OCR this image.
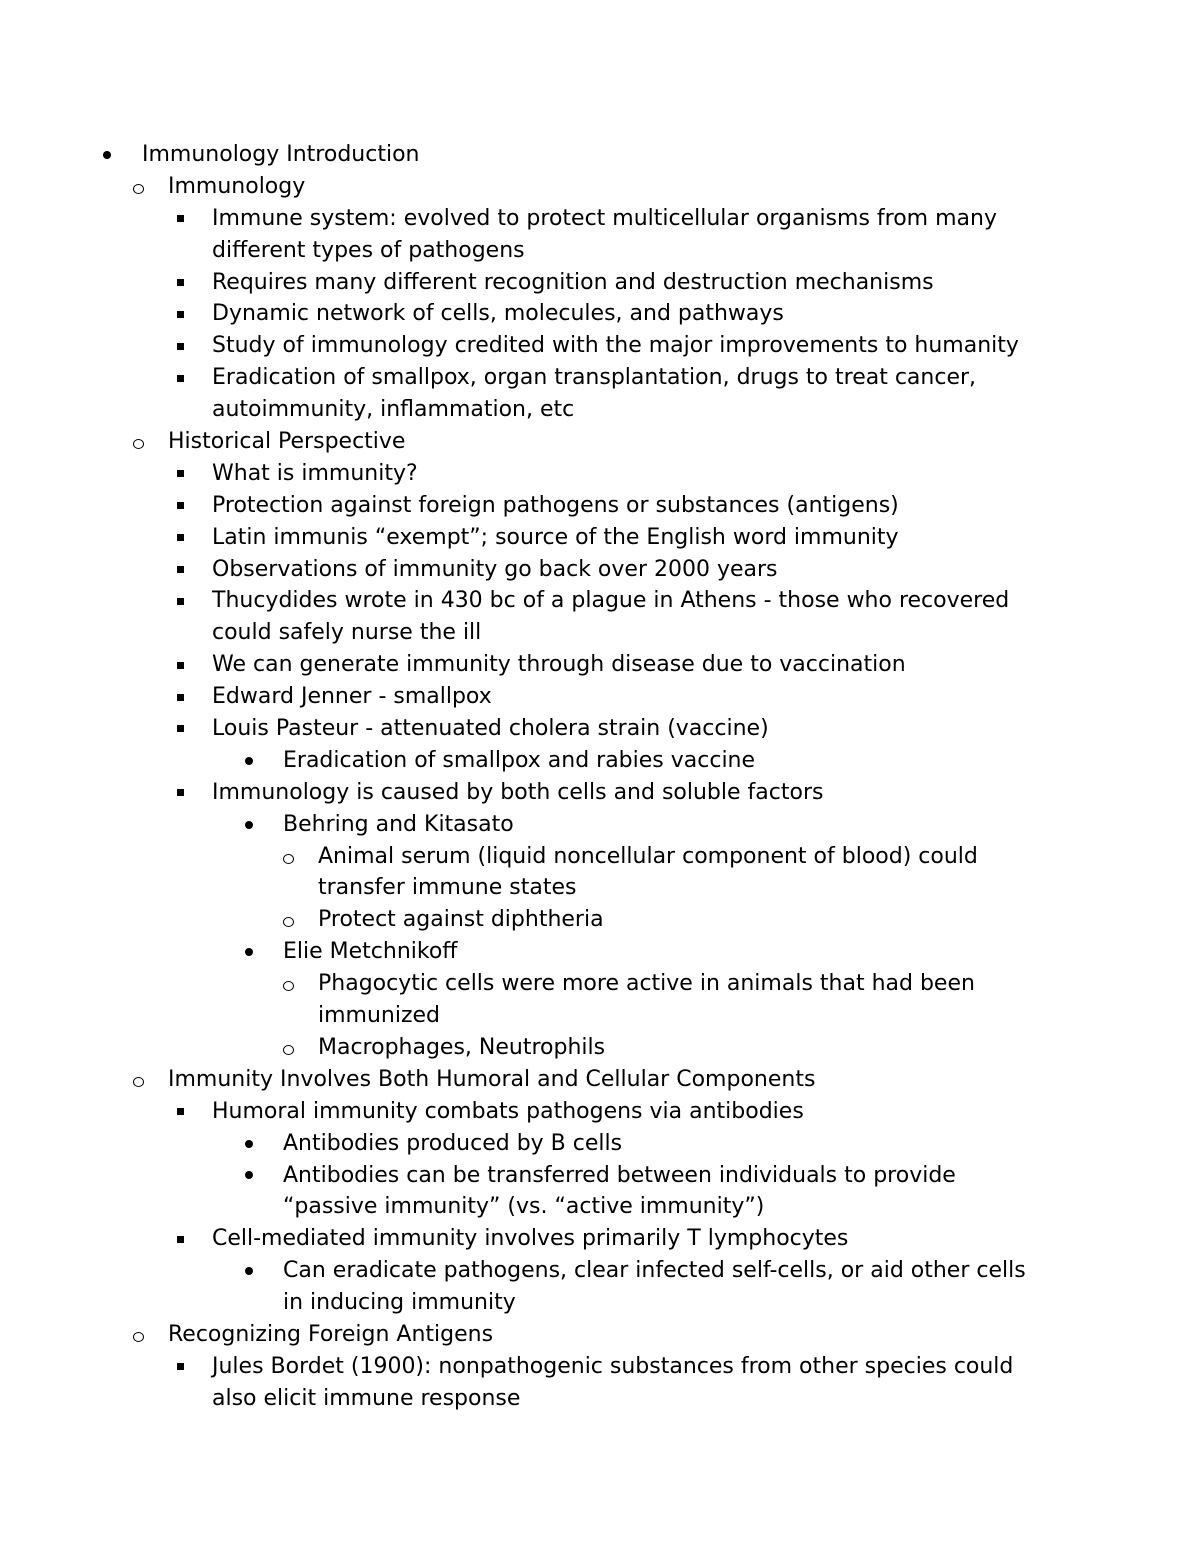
Immunology Introduction
Immunology
Immune system: evolved to protect multicellular organisms from many
different types of pathogens
Requires many different recognition and destruction mechanisms
Dynamic network of cells, molecules, and pathways
Study of immunology credited with the major improvements to humanity
Eradication of smallpox, organ transplantation, drugs to treat cancer,
autoimmunity, inflammation, etc
Historical Perspective
What is immunity?
Protection against foreign pathogens or substances (antigens)
Latin immunis “exempt”; source of the English word immunity
Observations of immunity go back over 2000 years
Thucydides wrote in 430 bc of a plague in Athens - those who recovered
could safely nurse the ill
We can generate immunity through disease due to vaccination
Edward Jenner - smallpox
Louis Pasteur - attenuated cholera strain (vaccine)
Eradication of smallpox and rabies vaccine
Immunology is caused by both cells and soluble factors
Behring and Kitasato
Animal serum (liquid noncellular component of blood) could
transfer immune states
Protect against diphtheria
Elie Metchnikoff
Phagocytic cells were more active in animals that had been
immunized
Macrophages, Neutrophils
Immunity Involves Both Humoral and Cellular Components
Humoral immunity combats pathogens via antibodies
Antibodies produced by B cells
Antibodies can be transferred between individuals to provide
“passive immunity” (vs. “active immunity”)
Cell-mediated immunity involves primarily T lymphocytes
Can eradicate pathogens, clear infected self-cells, or aid other cells
in inducing immunity
Recognizing Foreign Antigens
Jules Bordet (1900): nonpathogenic substances from other species could
also elicit immune response
